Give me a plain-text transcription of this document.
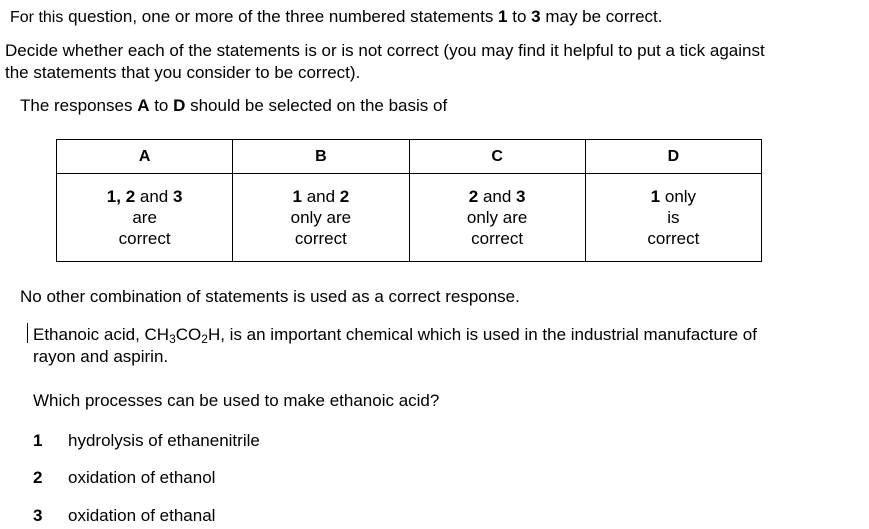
For this question, one or more of the three numbered statements 1 to 3 may be correct.
Decide whether each of the statements is or is not correct (you may find it helpful to put a tick against
the statements that you consider to be correct).
The responses A to D should be selected on the basis of
A	B	C	D
1, 2 and 3
are
correct	1 and 2
only are
correct	2 and 3
only are
correct	1 only
is
correct
No other combination of statements is used as a correct response.
Ethanoic acid, $CH_3CO_2H$, is an important chemical which is used in the industrial manufacture of
rayon and aspirin.
Which processes can be used to make ethanoic acid?
1 hydrolysis of ethanenitrile
2 oxidation of ethanol
3 oxidation of ethanal
